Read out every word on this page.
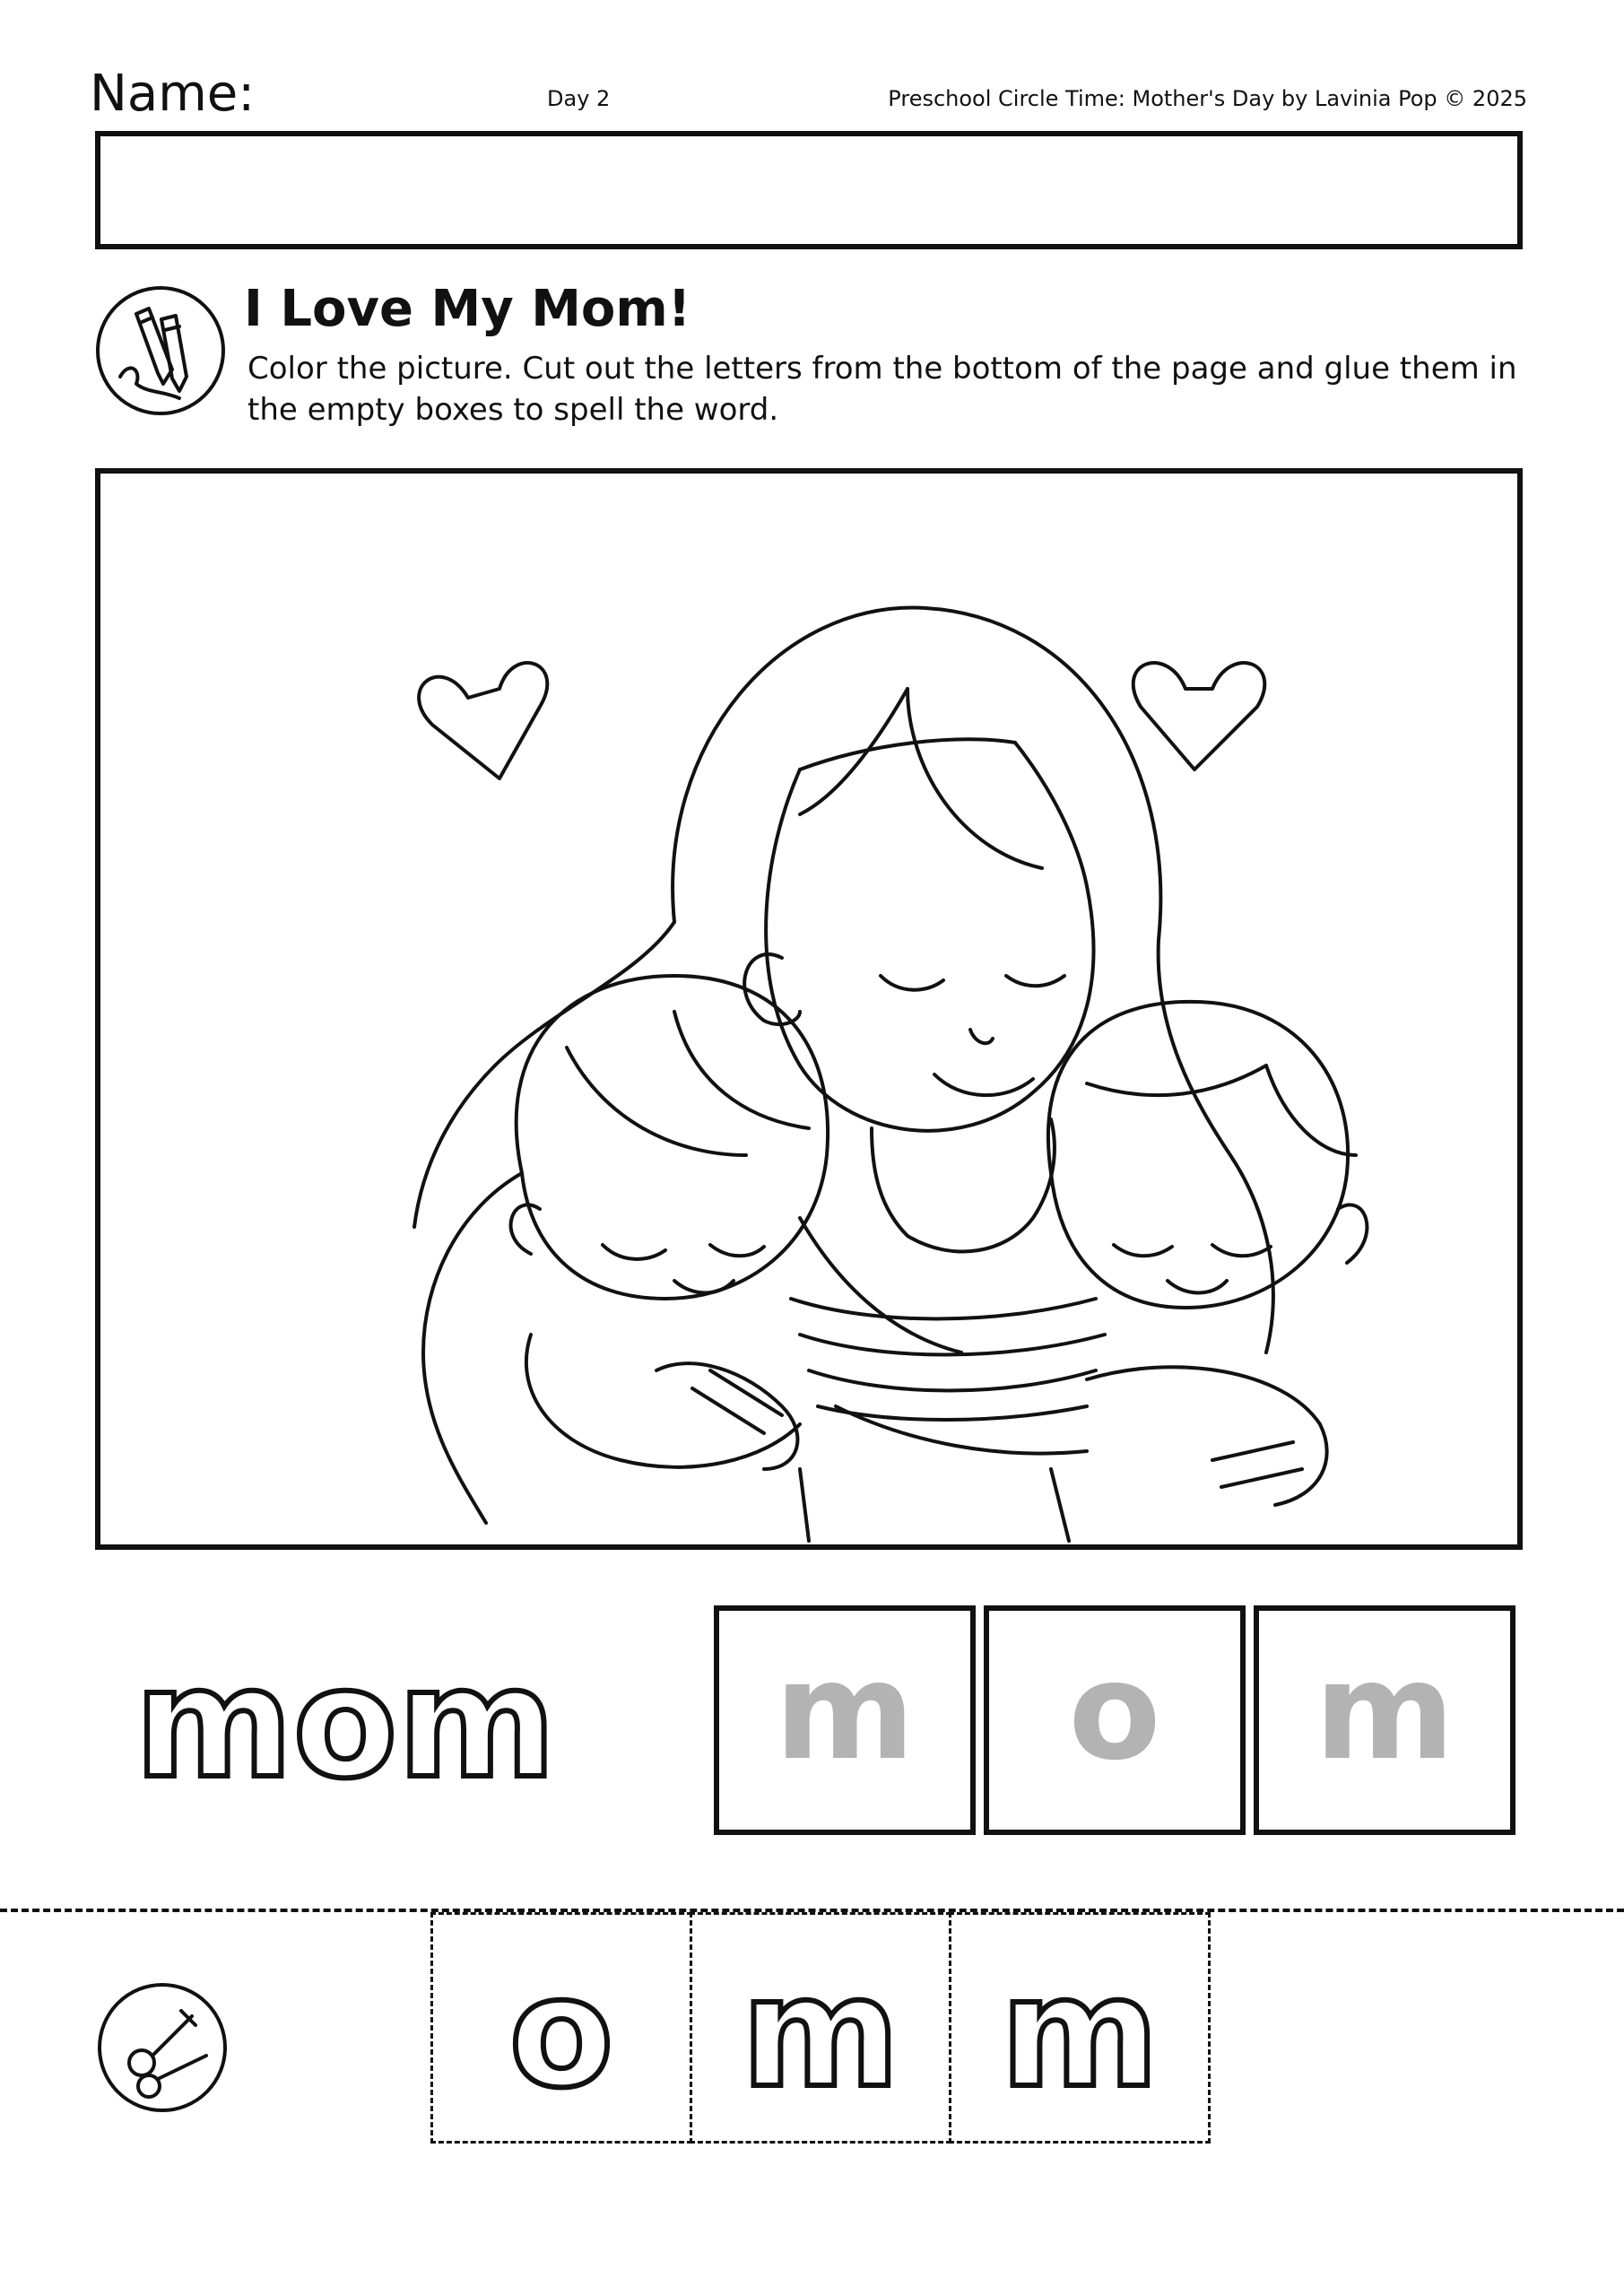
Name:	Day 2	Preschool Circle Time: Mother's Day by Lavinia Pop © 2025
I Love My Mom!
Color the picture. Cut out the letters from the bottom of the page and glue them in the empty boxes to spell the word.
mom m o m
o m m
